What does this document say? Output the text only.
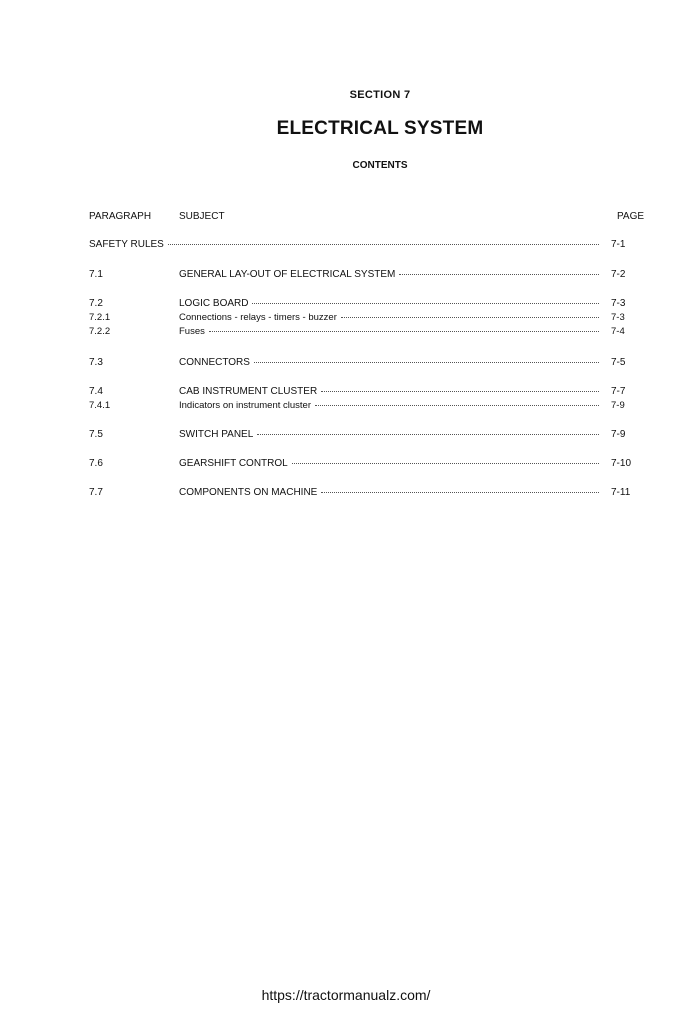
SECTION 7
ELECTRICAL SYSTEM
CONTENTS
PARAGRAPH	SUBJECT	PAGE
SAFETY RULES	7-1
7.1	GENERAL LAY-OUT OF ELECTRICAL SYSTEM	7-2
7.2	LOGIC BOARD	7-3
7.2.1	Connections - relays - timers - buzzer	7-3
7.2.2	Fuses	7-4
7.3	CONNECTORS	7-5
7.4	CAB INSTRUMENT CLUSTER	7-7
7.4.1	Indicators on instrument cluster	7-9
7.5	SWITCH PANEL	7-9
7.6	GEARSHIFT CONTROL	7-10
7.7	COMPONENTS ON MACHINE	7-11
https://tractormanualz.com/
